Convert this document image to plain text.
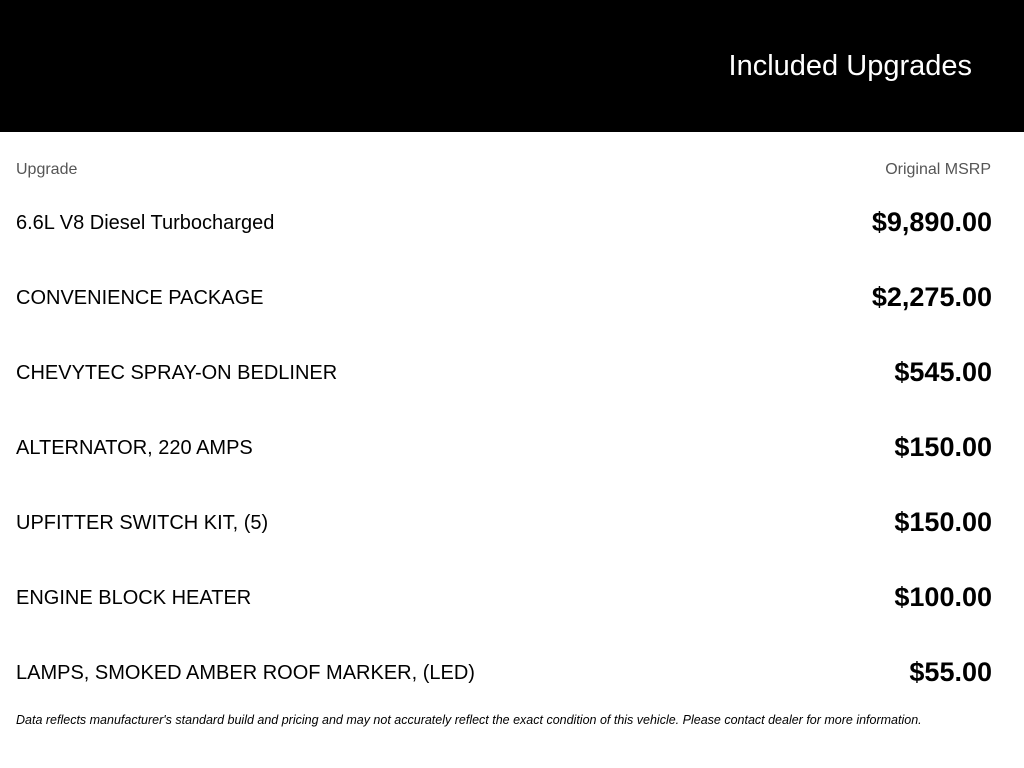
Included Upgrades
Upgrade	Original MSRP
6.6L V8 Diesel Turbocharged	$9,890.00
CONVENIENCE PACKAGE	$2,275.00
CHEVYTEC SPRAY-ON BEDLINER	$545.00
ALTERNATOR, 220 AMPS	$150.00
UPFITTER SWITCH KIT, (5)	$150.00
ENGINE BLOCK HEATER	$100.00
LAMPS, SMOKED AMBER ROOF MARKER, (LED)	$55.00
Data reflects manufacturer's standard build and pricing and may not accurately reflect the exact condition of this vehicle. Please contact dealer for more information.
